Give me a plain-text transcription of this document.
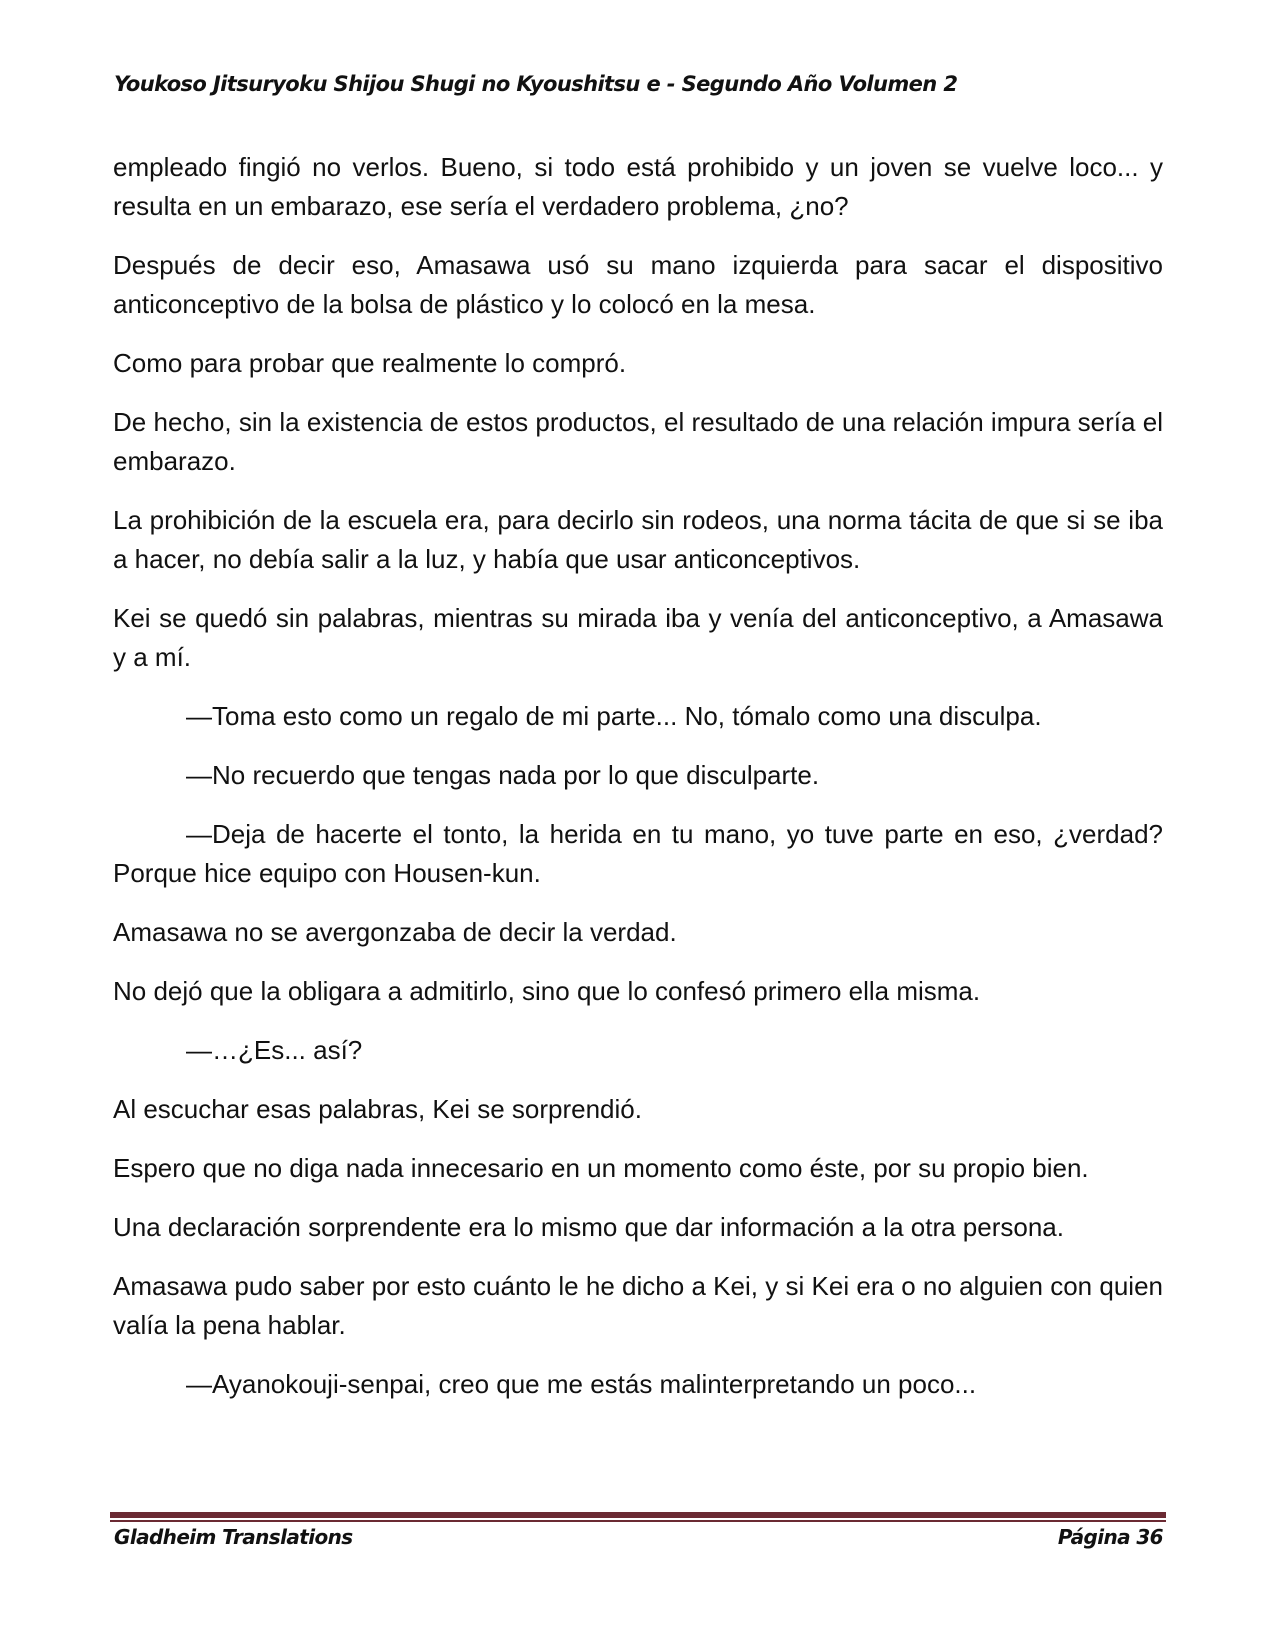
Youkoso Jitsuryoku Shijou Shugi no Kyoushitsu e - Segundo Año Volumen 2

empleado fingió no verlos. Bueno, si todo está prohibido y un joven se vuelve loco... y resulta en un embarazo, ese sería el verdadero problema, ¿no?

Después de decir eso, Amasawa usó su mano izquierda para sacar el dispositivo anticonceptivo de la bolsa de plástico y lo colocó en la mesa.

Como para probar que realmente lo compró.

De hecho, sin la existencia de estos productos, el resultado de una relación impura sería el embarazo.

La prohibición de la escuela era, para decirlo sin rodeos, una norma tácita de que si se iba a hacer, no debía salir a la luz, y había que usar anticonceptivos.

Kei se quedó sin palabras, mientras su mirada iba y venía del anticonceptivo, a Amasawa y a mí.

—Toma esto como un regalo de mi parte... No, tómalo como una disculpa.

—No recuerdo que tengas nada por lo que disculparte.

—Deja de hacerte el tonto, la herida en tu mano, yo tuve parte en eso, ¿verdad? Porque hice equipo con Housen-kun.

Amasawa no se avergonzaba de decir la verdad.

No dejó que la obligara a admitirlo, sino que lo confesó primero ella misma.

—…¿Es... así?

Al escuchar esas palabras, Kei se sorprendió.

Espero que no diga nada innecesario en un momento como éste, por su propio bien.

Una declaración sorprendente era lo mismo que dar información a la otra persona.

Amasawa pudo saber por esto cuánto le he dicho a Kei, y si Kei era o no alguien con quien valía la pena hablar.

—Ayanokouji-senpai, creo que me estás malinterpretando un poco...

Gladheim Translations	Página 36
